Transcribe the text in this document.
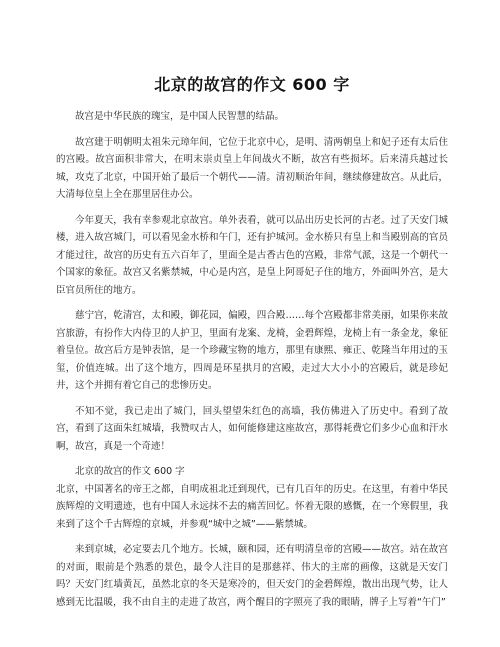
北京的故宫的作文 600 字

故宫是中华民族的瑰宝，是中国人民智慧的结晶。

故宫建于明朝明太祖朱元璋年间，它位于北京中心，是明、清两朝皇上和妃子还有太后住的宫殿。故宫面积非常大，在明末崇贞皇上年间战火不断，故宫有些损坏。后来清兵越过长城，攻克了北京，中国开始了最后一个朝代——清。清初顺治年间，继续修建故宫。从此后，大清每位皇上全在那里居住办公。

今年夏天，我有幸参观北京故宫。单外表看，就可以品出历史长河的古老。过了天安门城楼，进入故宫城门，可以看见金水桥和午门，还有护城河。金水桥只有皇上和当殿别高的官员才能过往，故宫的历史有五六百年了，里面全是古香古色的宫殿，非常气派，这是一个朝代一个国家的象征。故宫又名紫禁城，中心是内宫，是皇上阿哥妃子住的地方，外面叫外宫，是大臣官员所住的地方。

慈宁宫，乾清宫，太和殿，御花园，偏殿，四合殿……每个宫殿都非常美丽，如果你来故宫旅游，有扮作大内侍卫的人护卫，里面有龙案、龙椅，金碧辉煌，龙椅上有一条金龙，象征着皇位。故宫后方是钟表馆，是一个珍藏宝物的地方，那里有康熙、雍正、乾隆当年用过的玉玺，价值连城。出了这个地方，四周是环星拱月的宫殿，走过大大小小的宫殿后，就是珍妃井，这个并拥有着它自己的悲惨历史。

不知不觉，我已走出了城门，回头望望朱红色的高墙，我仿佛进入了历史中。看到了故宫，看到了这面朱红城墙，我赞叹古人，如何能修建这座故宫，那得耗费它们多少心血和汗水啊，故宫，真是一个奇迹！

北京的故宫的作文 600 字

北京，中国著名的帝王之都，自明成祖北迁到现代，已有几百年的历史。在这里，有着中华民族辉煌的文明遗迹，也有中国人永远抹不去的痛苦回忆。怀着无限的感慨，在一个寒假里，我来到了这个千古辉煌的京城，并参观“城中之城”——紫禁城。

来到京城，必定要去几个地方。长城，颐和园，还有明清皇帝的宫殿——故宫。站在故宫的对面，眼前是个熟悉的景色，最令人注目的是那慈祥、伟大的主席的画像，这就是天安门吗？天安门红墙黄瓦，虽然北京的冬天是寒冷的，但天安门的金碧辉煌，散出出现气势，让人感到无比温暖，我不由自主的走进了故宫，两个醒目的字照亮了我的眼睛，牌子上写着“午门”
